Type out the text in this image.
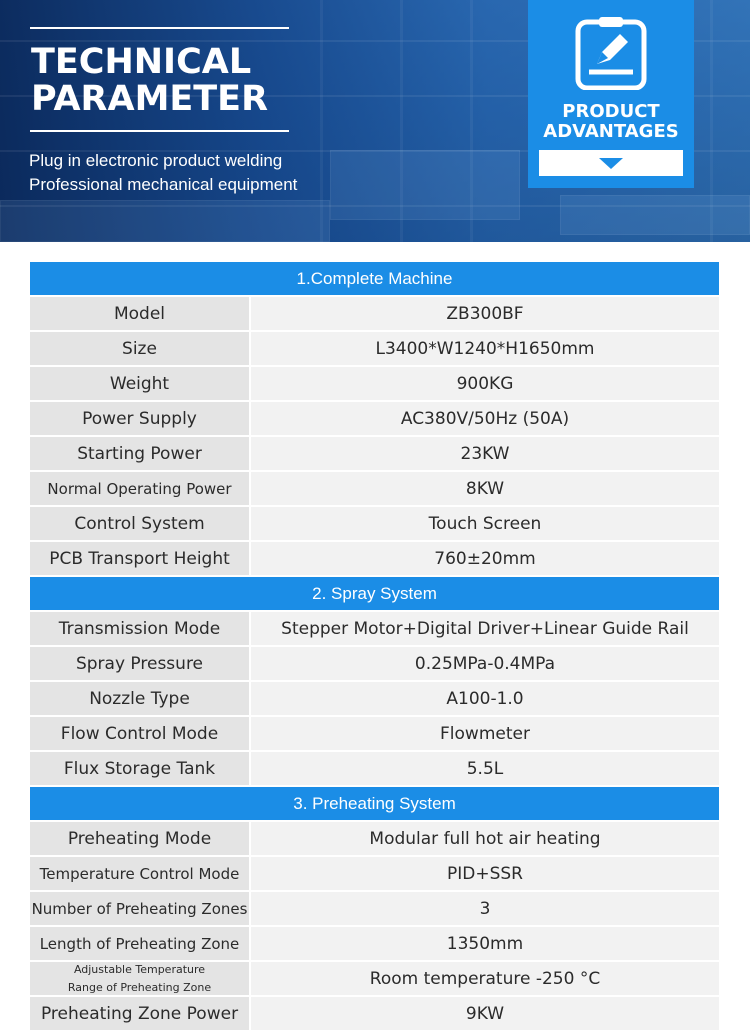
TECHNICAL
PARAMETER
Plug in electronic product welding
Professional mechanical equipment
PRODUCT
ADVANTAGES
1.Complete Machine
Model	ZB300BF
Size	L3400*W1240*H1650mm
Weight	900KG
Power Supply	AC380V/50Hz (50A)
Starting Power	23KW
Normal Operating Power	8KW
Control System	Touch Screen
PCB Transport Height	760±20mm
2. Spray System
Transmission Mode	Stepper Motor+Digital Driver+Linear Guide Rail
Spray Pressure	0.25MPa-0.4MPa
Nozzle Type	A100-1.0
Flow Control Mode	Flowmeter
Flux Storage Tank	5.5L
3. Preheating System
Preheating Mode	Modular full hot air heating
Temperature Control Mode	PID+SSR
Number of Preheating Zones	3
Length of Preheating Zone	1350mm
Adjustable Temperature
Range of Preheating Zone	Room temperature -250 °C
Preheating Zone Power	9KW
